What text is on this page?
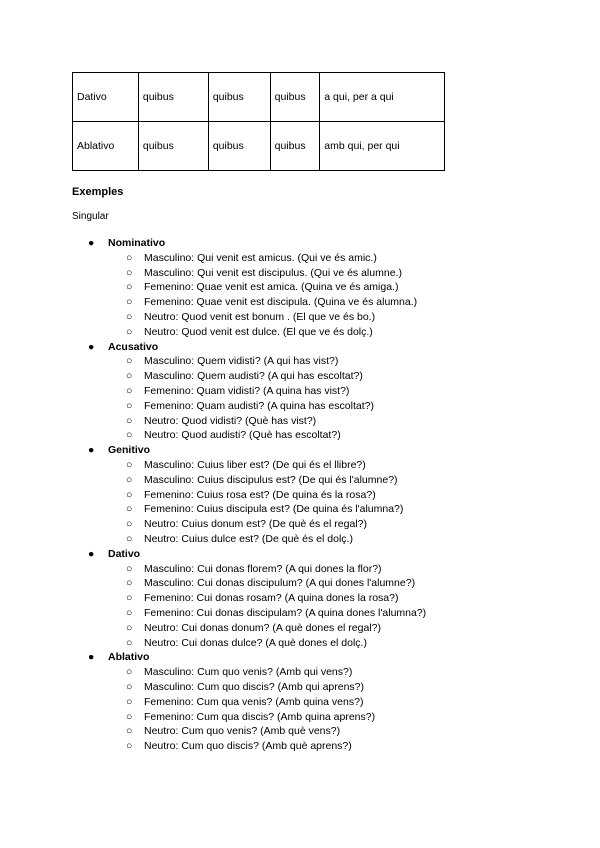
Dativo	quibus	quibus	quibus	a qui, per a qui
Ablativo	quibus	quibus	quibus	amb qui, per qui
Exemples
Singular
● Nominativo
○ Masculino: Qui venit est amicus. (Qui ve és amic.)
○ Masculino: Qui venit est discipulus. (Qui ve és alumne.)
○ Femenino: Quae venit est amica. (Quina ve és amiga.)
○ Femenino: Quae venit est discipula. (Quina ve és alumna.)
○ Neutro: Quod venit est bonum . (El que ve és bo.)
○ Neutro: Quod venit est dulce. (El que ve és dolç.)
● Acusativo
○ Masculino: Quem vidisti? (A qui has vist?)
○ Masculino: Quem audisti? (A qui has escoltat?)
○ Femenino: Quam vidisti? (A quina has vist?)
○ Femenino: Quam audisti? (A quina has escoltat?)
○ Neutro: Quod vidisti? (Què has vist?)
○ Neutro: Quod audisti? (Què has escoltat?)
● Genitivo
○ Masculino: Cuius liber est? (De qui és el llibre?)
○ Masculino: Cuius discipulus est? (De qui és l'alumne?)
○ Femenino: Cuius rosa est? (De quina és la rosa?)
○ Femenino: Cuius discipula est? (De quina és l'alumna?)
○ Neutro: Cuius donum est? (De què és el regal?)
○ Neutro: Cuius dulce est? (De què és el dolç.)
● Dativo
○ Masculino: Cui donas florem? (A qui dones la flor?)
○ Masculino: Cui donas discipulum? (A qui dones l'alumne?)
○ Femenino: Cui donas rosam? (A quina dones la rosa?)
○ Femenino: Cui donas discipulam? (A quina dones l'alumna?)
○ Neutro: Cui donas donum? (A què dones el regal?)
○ Neutro: Cui donas dulce? (A què dones el dolç.)
● Ablativo
○ Masculino: Cum quo venis? (Amb qui vens?)
○ Masculino: Cum quo discis? (Amb qui aprens?)
○ Femenino: Cum qua venis? (Amb quina vens?)
○ Femenino: Cum qua discis? (Amb quina aprens?)
○ Neutro: Cum quo venis? (Amb què vens?)
○ Neutro: Cum quo discis? (Amb què aprens?)
